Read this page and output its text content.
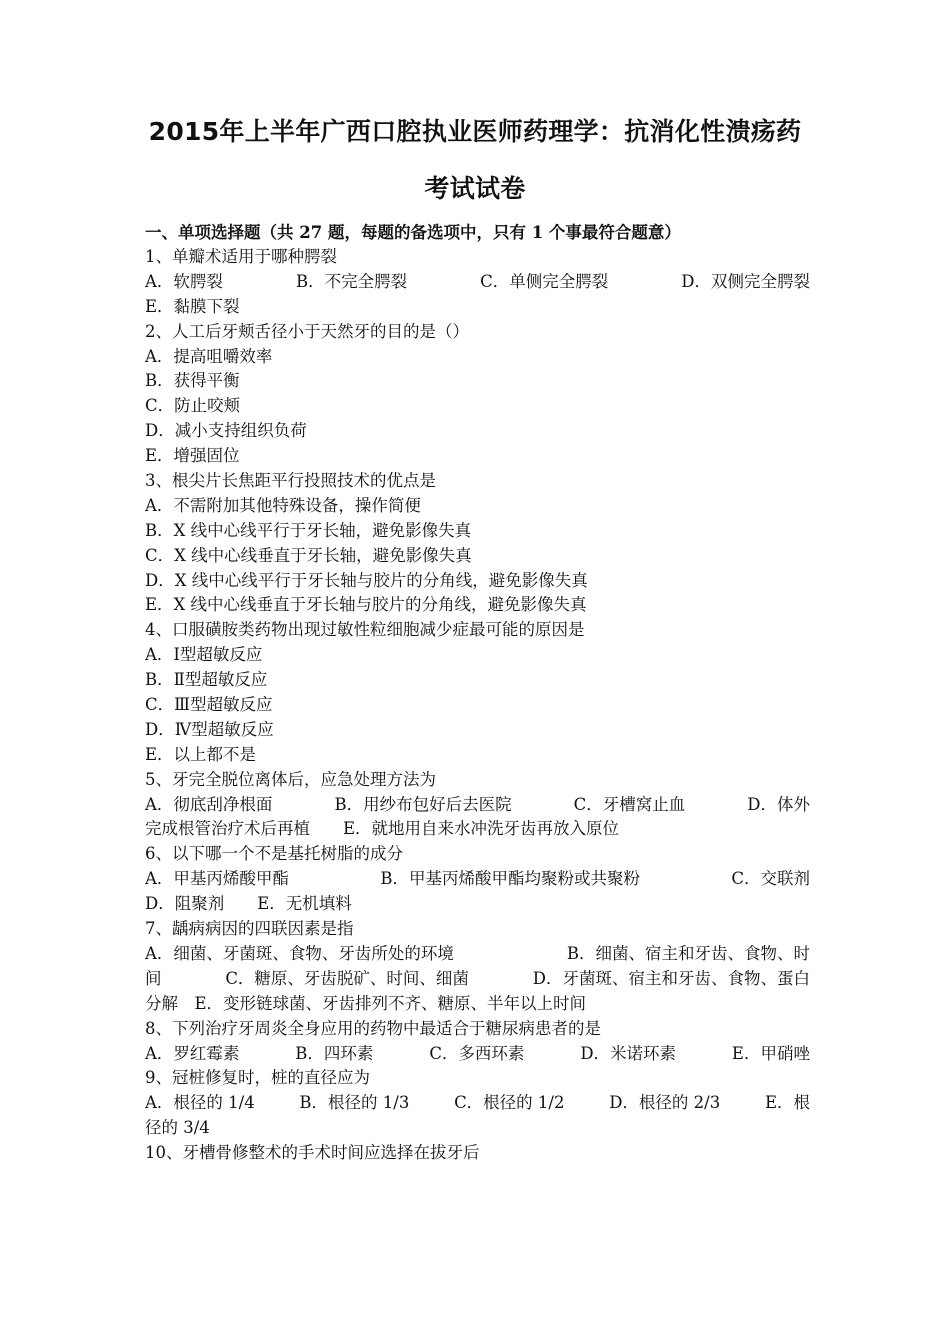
2015年上半年广西口腔执业医师药理学：抗消化性溃疡药
考试试卷
一、单项选择题（共 27 题，每题的备选项中，只有 1 个事最符合题意）
1、单瓣术适用于哪种腭裂
A．软腭裂	B．不完全腭裂	C．单侧完全腭裂	D．双侧完全腭裂
E．黏膜下裂
2、人工后牙颊舌径小于天然牙的目的是（）
A．提高咀嚼效率
B．获得平衡
C．防止咬颊
D．减小支持组织负荷
E．增强固位
3、根尖片长焦距平行投照技术的优点是
A．不需附加其他特殊设备，操作简便
B．X 线中心线平行于牙长轴，避免影像失真
C．X 线中心线垂直于牙长轴，避免影像失真
D．X 线中心线平行于牙长轴与胶片的分角线，避免影像失真
E．X 线中心线垂直于牙长轴与胶片的分角线，避免影像失真
4、口服磺胺类药物出现过敏性粒细胞减少症最可能的原因是
A．Ⅰ型超敏反应
B．Ⅱ型超敏反应
C．Ⅲ型超敏反应
D．Ⅳ型超敏反应
E．以上都不是
5、牙完全脱位离体后，应急处理方法为
A．彻底刮净根面	B．用纱布包好后去医院	C．牙槽窝止血	D．体外
完成根管治疗术后再植　　E．就地用自来水冲洗牙齿再放入原位
6、以下哪一个不是基托树脂的成分
A．甲基丙烯酸甲酯	B．甲基丙烯酸甲酯均聚粉或共聚粉	C．交联剂
D．阻聚剂　　E．无机填料
7、龋病病因的四联因素是指
A．细菌、牙菌斑、食物、牙齿所处的环境	B．细菌、宿主和牙齿、食物、时
间	C．糖原、牙齿脱矿、时间、细菌	D．牙菌斑、宿主和牙齿、食物、蛋白
分解　E．变形链球菌、牙齿排列不齐、糖原、半年以上时间
8、下列治疗牙周炎全身应用的药物中最适合于糖尿病患者的是
A．罗红霉素	B．四环素	C．多西环素	D．米诺环素	E．甲硝唑
9、冠桩修复时，桩的直径应为
A．根径的 1/4	B．根径的 1/3	C．根径的 1/2	D．根径的 2/3	E．根
径的 3/4
10、牙槽骨修整术的手术时间应选择在拔牙后
